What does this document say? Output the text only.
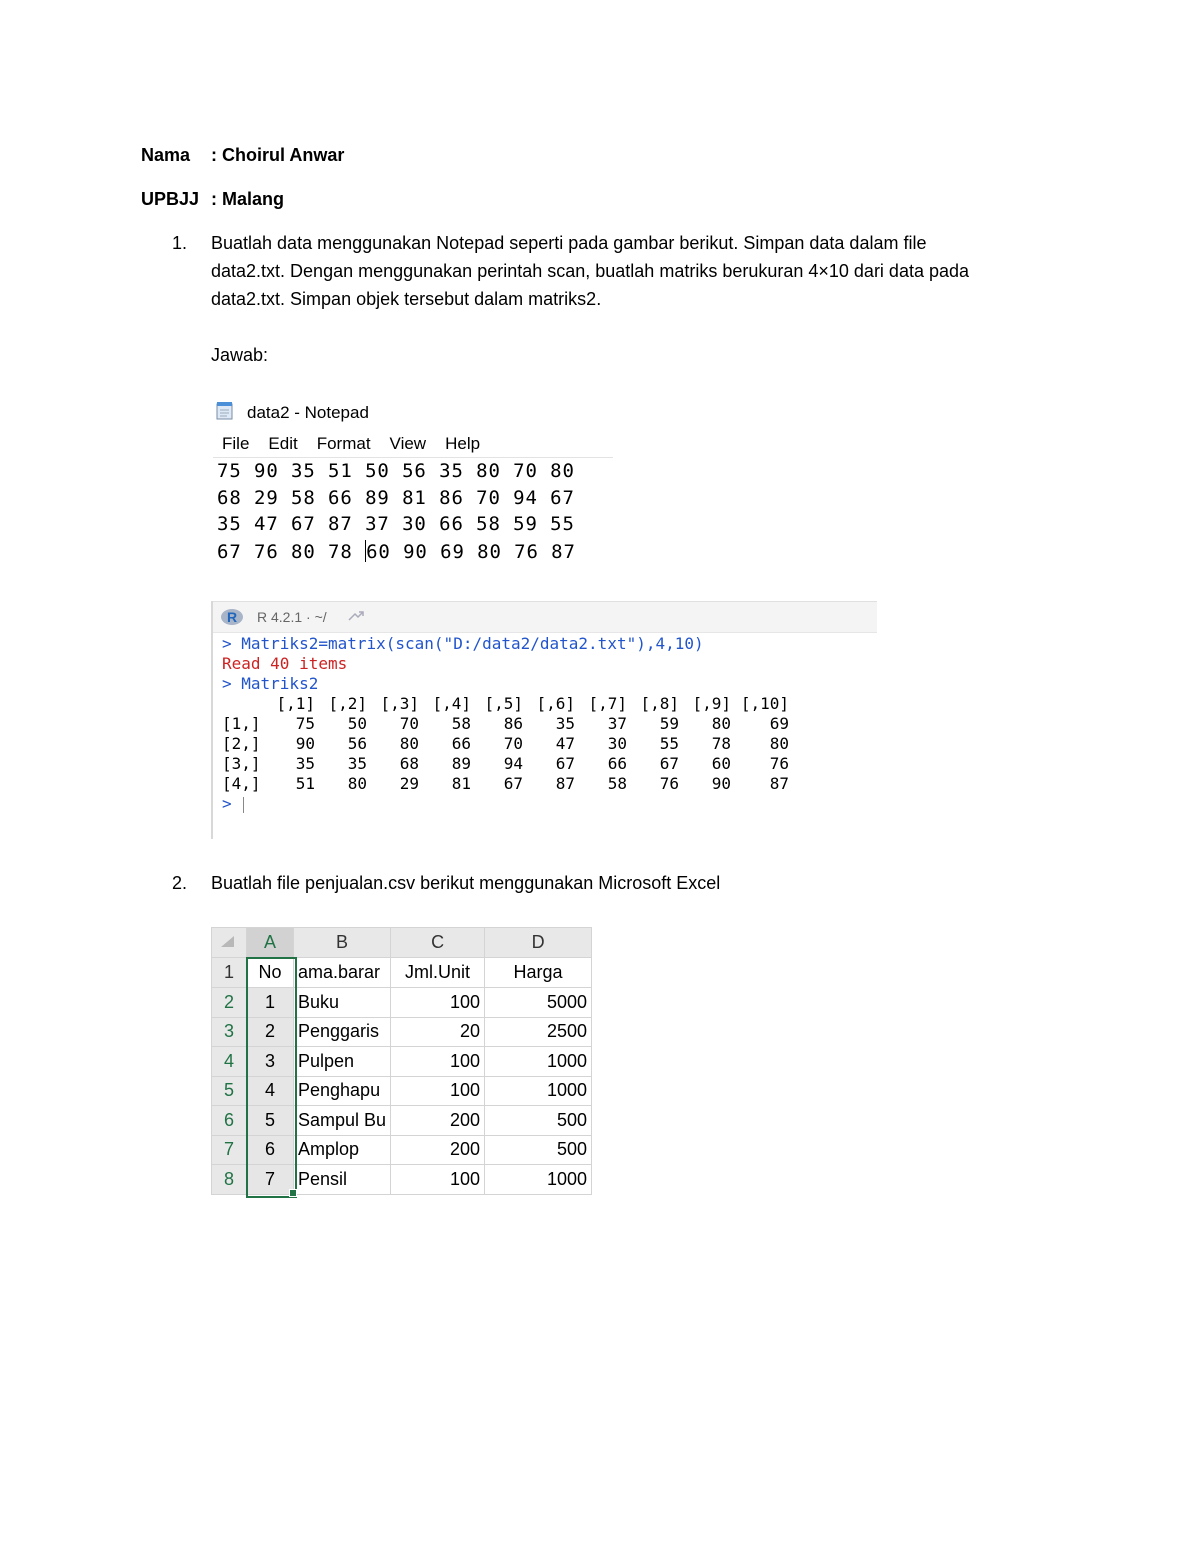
Nama : Choirul Anwar
UPBJJ : Malang
1. Buatlah data menggunakan Notepad seperti pada gambar berikut. Simpan data dalam file
data2.txt. Dengan menggunakan perintah scan, buatlah matriks berukuran 4×10 dari data pada
data2.txt. Simpan objek tersebut dalam matriks2.
Jawab:
data2 - Notepad
File Edit Format View Help
75 90 35 51 50 56 35 80 70 80
68 29 58 66 89 81 86 70 94 67
35 47 67 87 37 30 66 58 59 55
67 76 80 78 60 90 69 80 76 87
R	R 4.2.1 · ~/
> Matriks2=matrix(scan("D:/data2/data2.txt"),4,10)
Read 40 items
> Matriks2
[,1] [,2] [,3] [,4] [,5] [,6] [,7] [,8] [,9] [,10]
[1,]	75	50	70	58	86	35	37	59	80	69
[2,]	90	56	80	66	70	47	30	55	78	80
[3,]	35	35	68	89	94	67	66	67	60	76
[4,]	51	80	29	81	67	87	58	76	90	87
>
2. Buatlah file penjualan.csv berikut menggunakan Microsoft Excel
	A	B	C	D
1	No	ama.barar	Jml.Unit	Harga
2	1	Buku	100	5000
3	2	Penggaris	20	2500
4	3	Pulpen	100	1000
5	4	Penghapu	100	1000
6	5	Sampul Bu	200	500
7	6	Amplop	200	500
8	7	Pensil	100	1000
